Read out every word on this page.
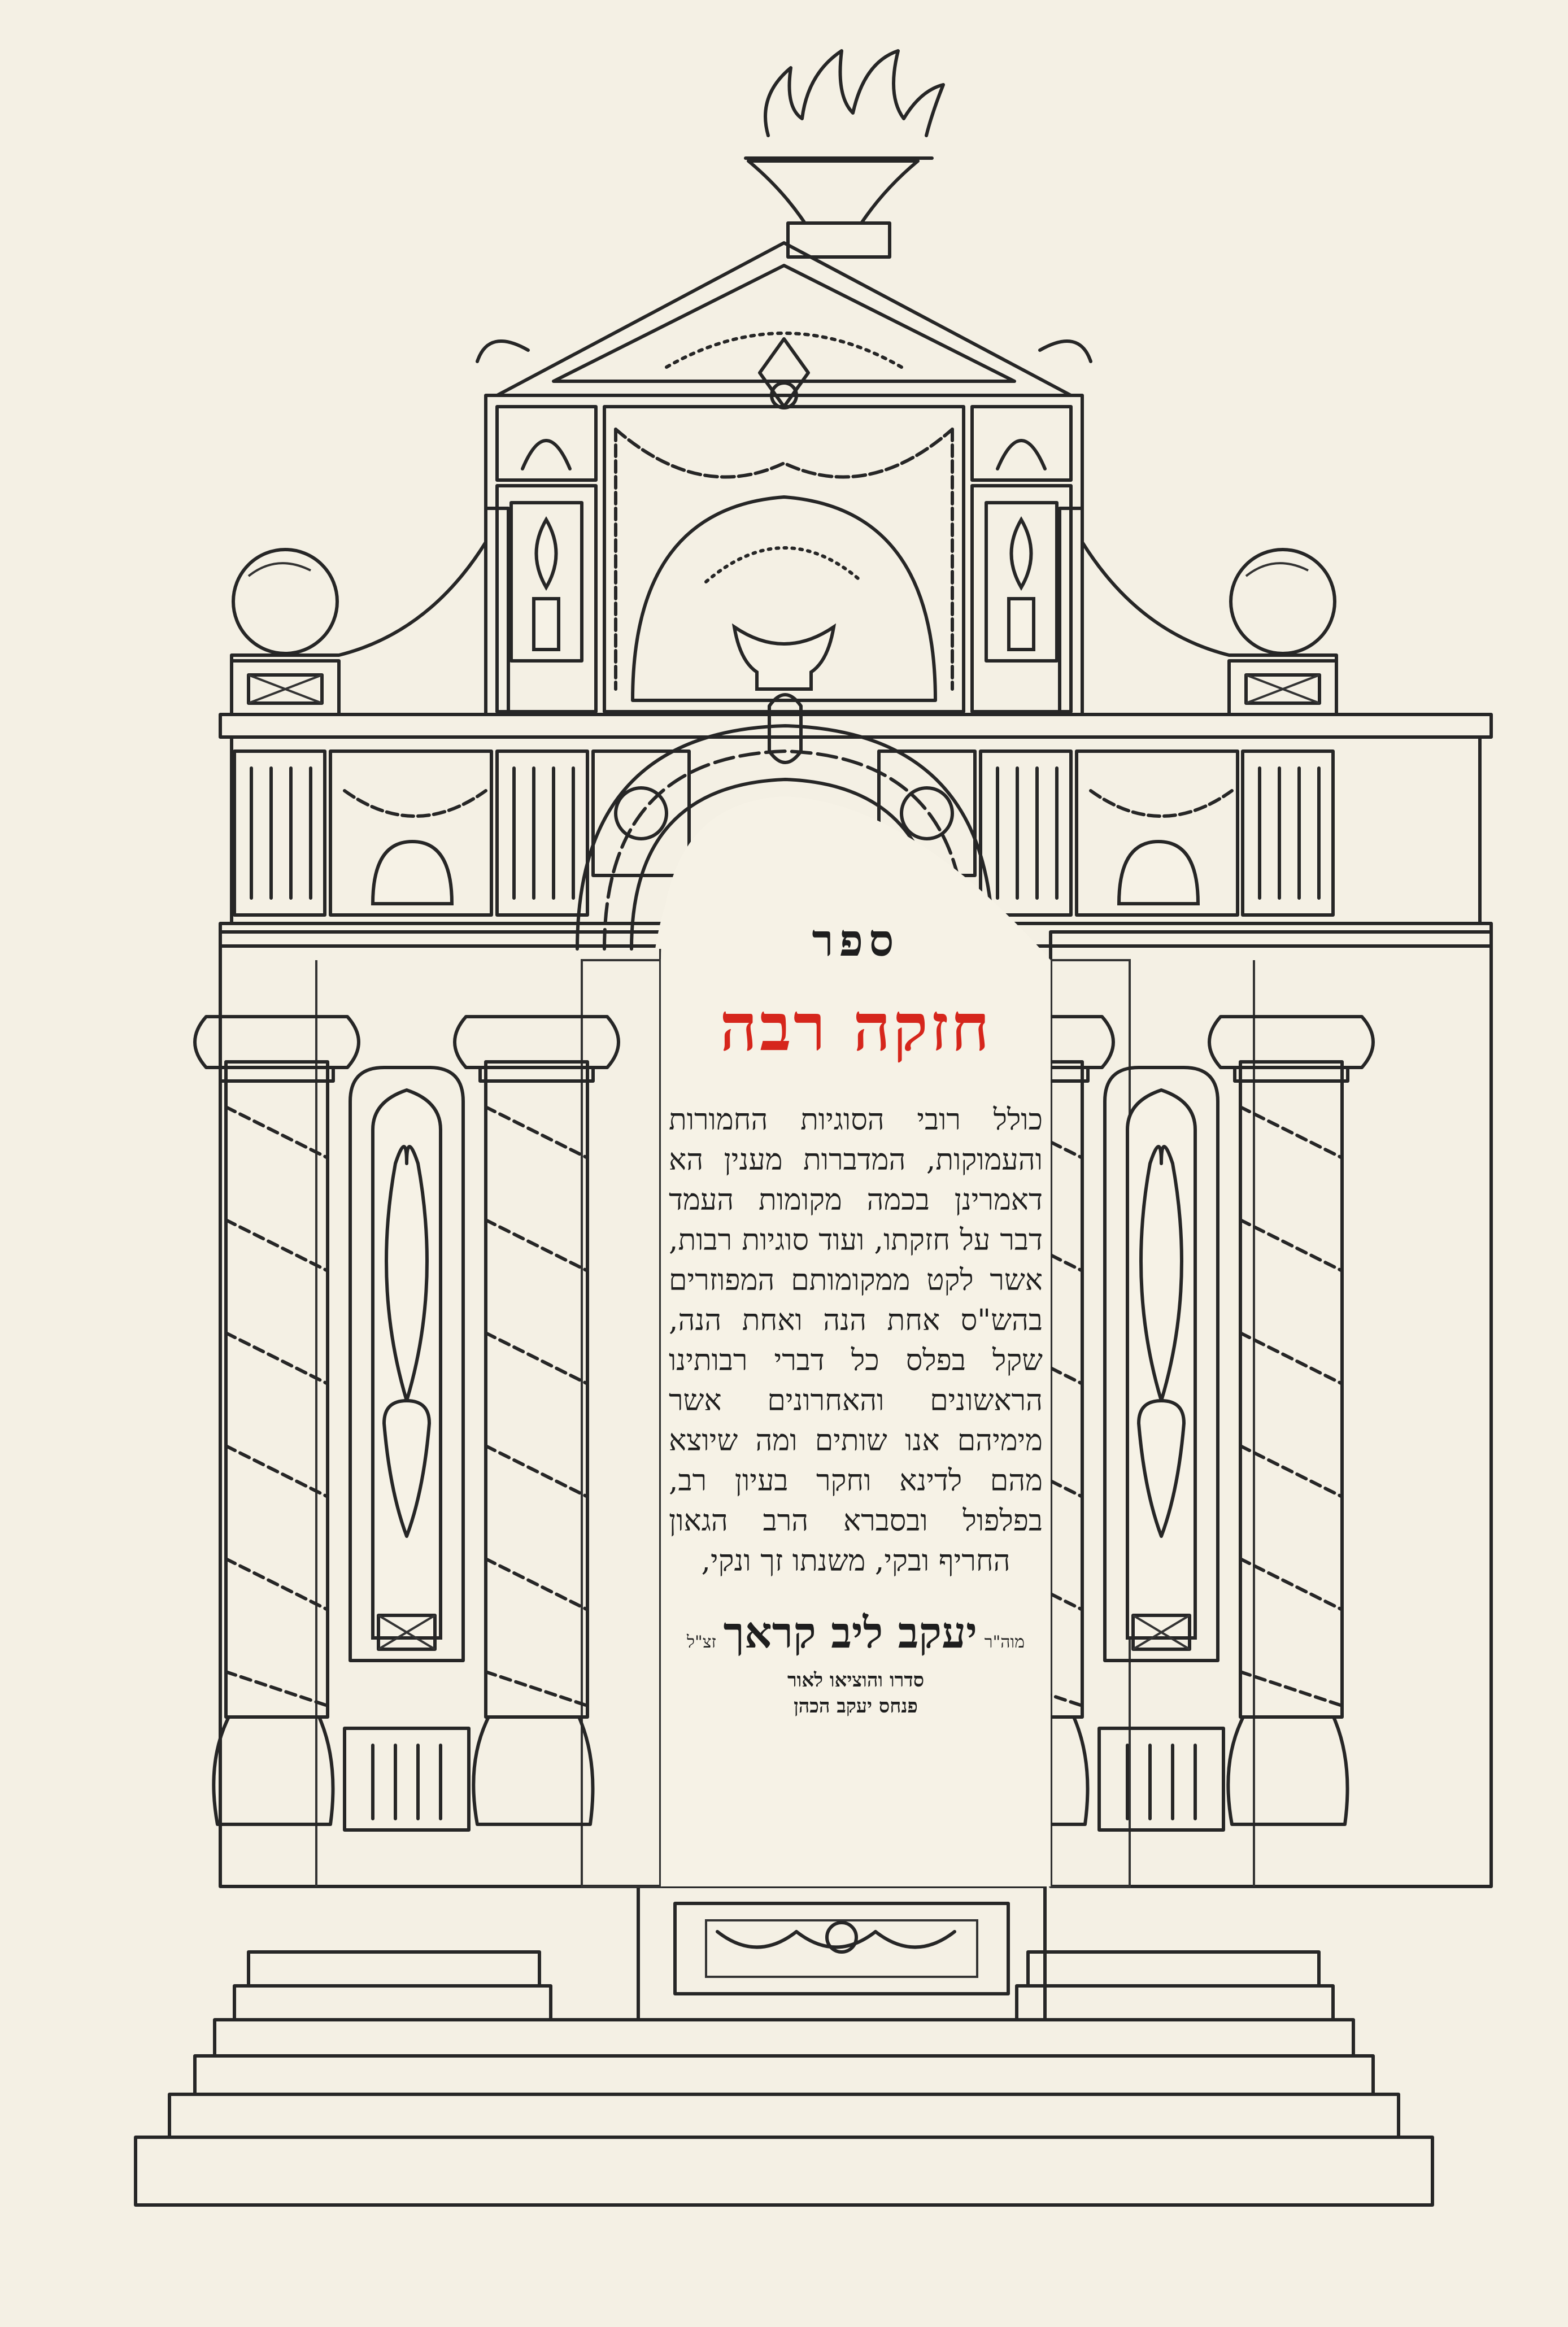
ספר
חזקה רבה
כולל רובי הסוגיות החמורות והעמוקות, המדברות מענין הא דאמרינן בכמה מקומות העמד דבר על חזקתו, ועוד סוגיות רבות, אשר לקט ממקומותם המפוזרים בהש"ס אחת הנה ואחת הנה, שקל בפלס כל דברי רבותינו הראשונים והאחרונים אשר מימיהם אנו שותים ומה שיוצא מהם לדינא וחקר בעיון רב, בפלפול ובסברא הרב הגאון החריף ובקי, משנתו זך ונקי,
מוה"ר יעקב ליב קראך זצ"ל
סדרו והוציאו לאור
פנחס יעקב הכהן
